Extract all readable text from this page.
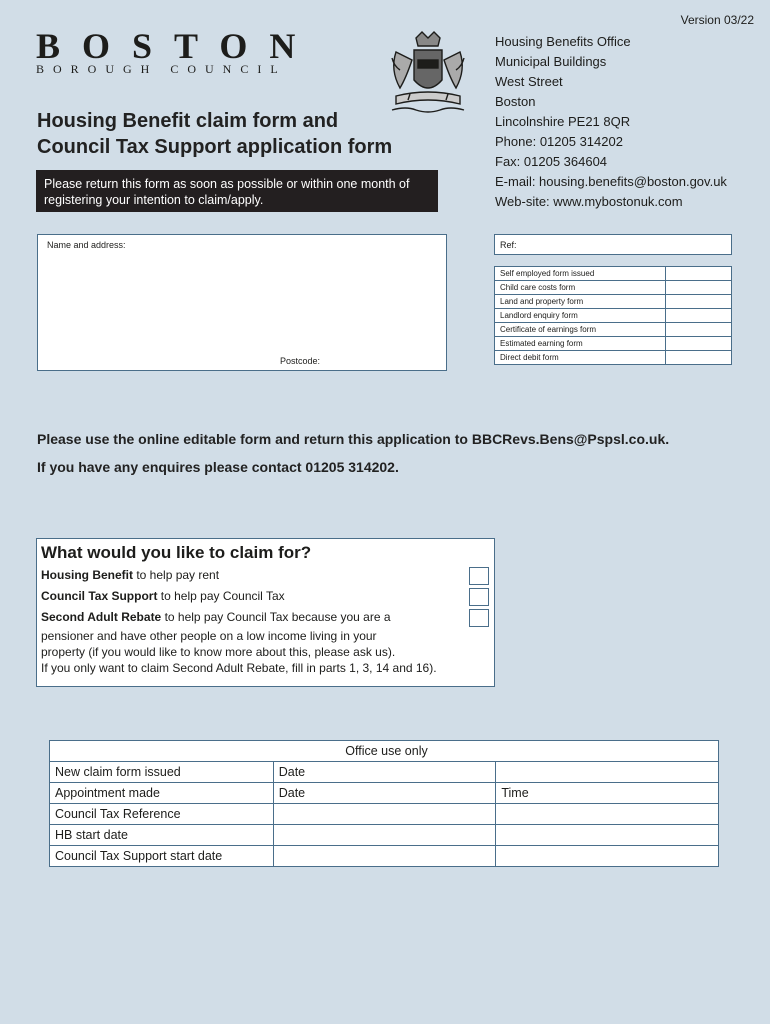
Version 03/22
BOSTON
BOROUGH COUNCIL
Housing Benefits Office
Municipal Buildings
West Street
Boston
Lincolnshire PE21 8QR
Phone: 01205 314202
Fax: 01205 364604
E-mail: housing.benefits@boston.gov.uk
Web-site: www.mybostonuk.com
Housing Benefit claim form and
Council Tax Support application form
Please return this form as soon as possible or within one month of
registering your intention to claim/apply.
Name and address:
Postcode:
Ref:
Self employed form issued	
Child care costs form	
Land and property form	
Landlord enquiry form	
Certificate of earnings form	
Estimated earning form	
Direct debit form	
Please use the online editable form and return this application to BBCRevs.Bens@Pspsl.co.uk.
If you have any enquires please contact 01205 314202.
What would you like to claim for?
Housing Benefit to help pay rent
Council Tax Support to help pay Council Tax
Second Adult Rebate to help pay Council Tax because you are a
pensioner and have other people on a low income living in your
property (if you would like to know more about this, please ask us).
If you only want to claim Second Adult Rebate, fill in parts 1, 3, 14 and 16).
Office use only		
New claim form issued	Date	
Appointment made	Date	Time
Council Tax Reference		
HB start date		
Council Tax Support start date		
